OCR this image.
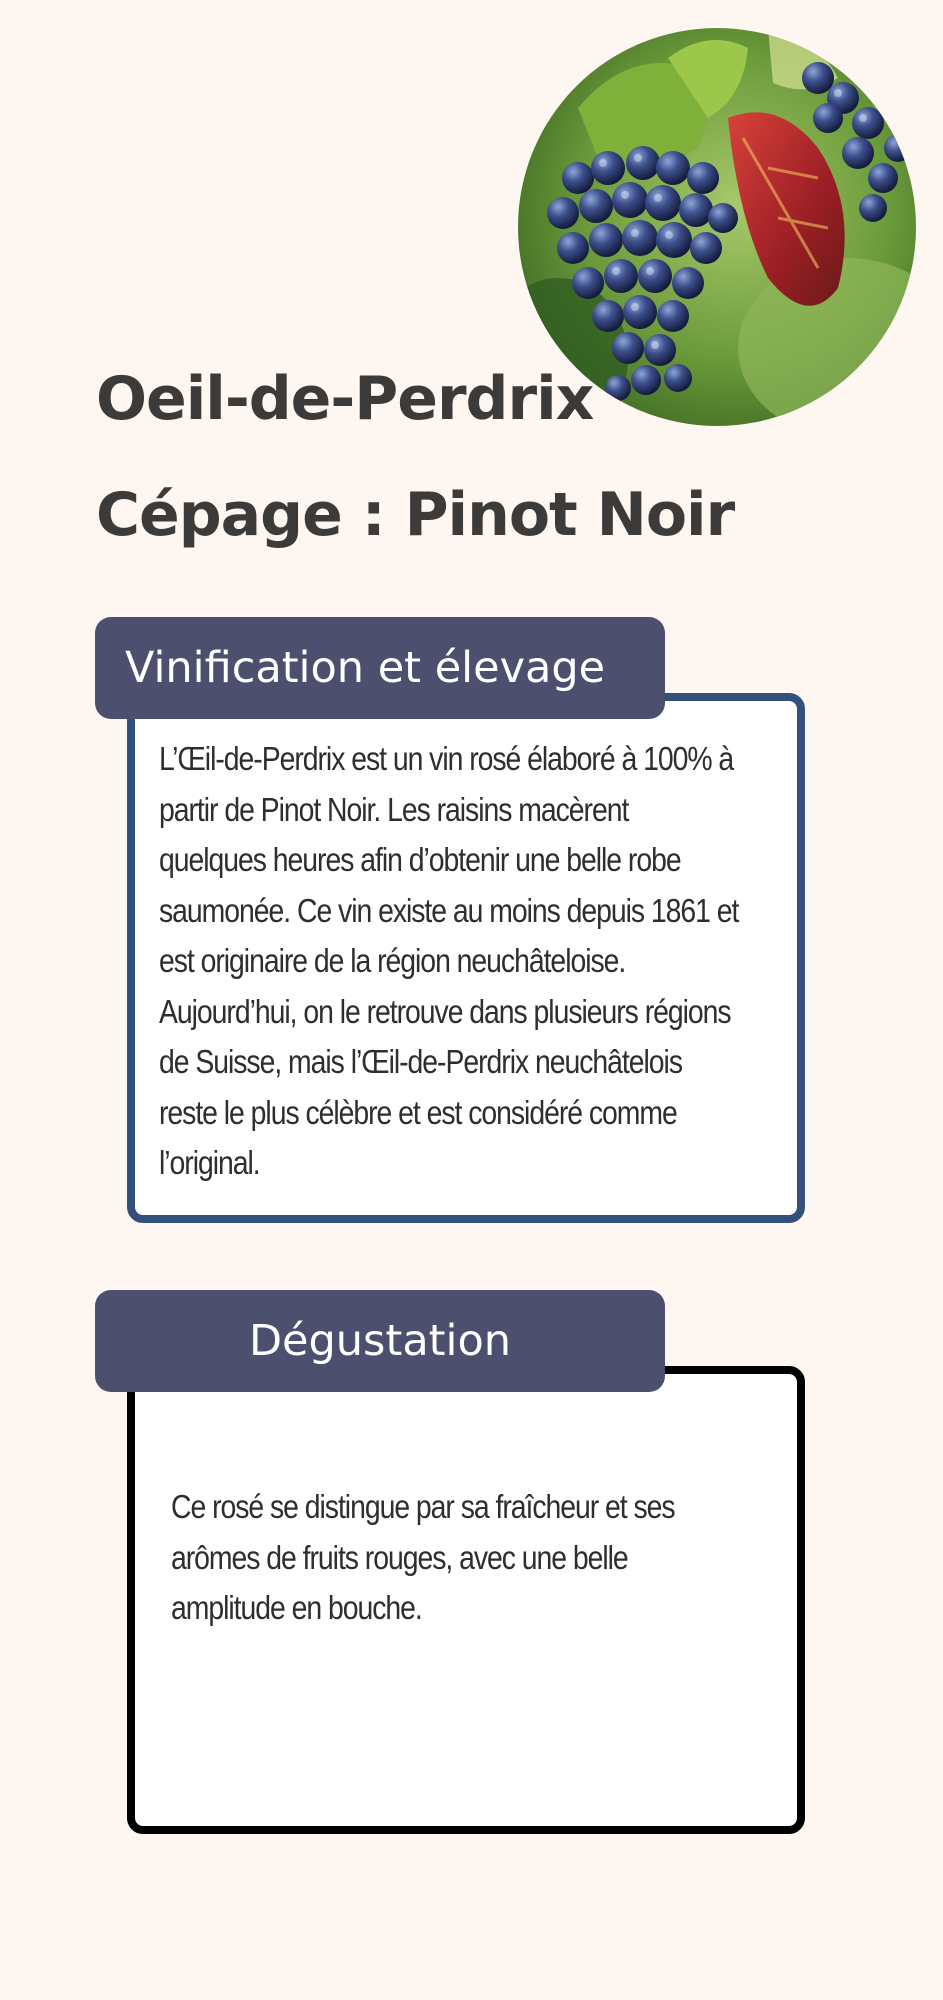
Oeil-de-Perdrix
Cépage : Pinot Noir
Vinification et élevage

L’Œil-de-Perdrix est un vin rosé élaboré à 100% à
partir de Pinot Noir. Les raisins macèrent
quelques heures afin d’obtenir une belle robe
saumonée. Ce vin existe au moins depuis 1861 et
est originaire de la région neuchâteloise.
Aujourd’hui, on le retrouve dans plusieurs régions
de Suisse, mais l’Œil-de-Perdrix neuchâtelois
reste le plus célèbre et est considéré comme
l’original.

Dégustation

Ce rosé se distingue par sa fraîcheur et ses
arômes de fruits rouges, avec une belle
amplitude en bouche.
